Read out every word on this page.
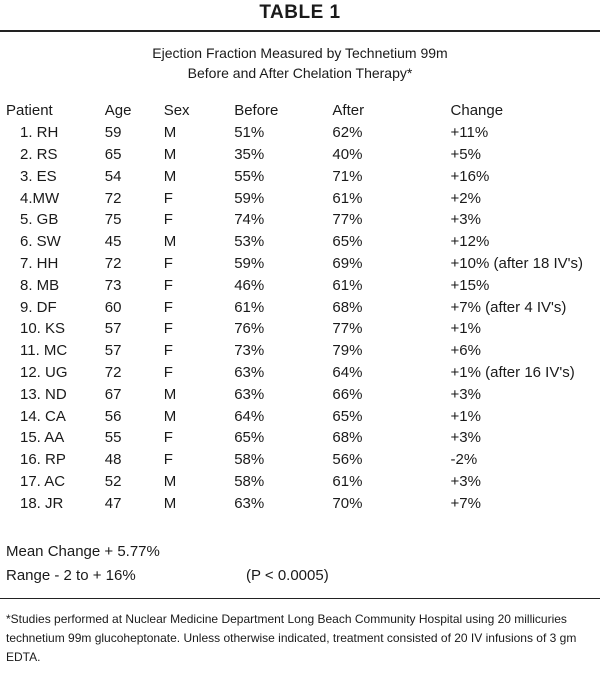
TABLE 1
Ejection Fraction Measured by Technetium 99m
Before and After Chelation Therapy*
Patient	Age	Sex	Before	After	Change
1. RH	59	M	51%	62%	+11%
2. RS	65	M	35%	40%	+5%
3. ES	54	M	55%	71%	+16%
4.MW	72	F	59%	61%	+2%
5. GB	75	F	74%	77%	+3%
6. SW	45	M	53%	65%	+12%
7. HH	72	F	59%	69%	+10% (after 18 IV's)
8. MB	73	F	46%	61%	+15%
9. DF	60	F	61%	68%	+7% (after 4 IV's)
10. KS	57	F	76%	77%	+1%
11. MC	57	F	73%	79%	+6%
12. UG	72	F	63%	64%	+1% (after 16 IV's)
13. ND	67	M	63%	66%	+3%
14. CA	56	M	64%	65%	+1%
15. AA	55	F	65%	68%	+3%
16. RP	48	F	58%	56%	-2%
17. AC	52	M	58%	61%	+3%
18. JR	47	M	63%	70%	+7%
Mean Change + 5.77%
Range - 2 to + 16%	(P < 0.0005)
*Studies performed at Nuclear Medicine Department Long Beach Community Hospital using 20 millicuries technetium 99m glucoheptonate. Unless otherwise indicated, treatment consisted of 20 IV infusions of 3 gm EDTA.
